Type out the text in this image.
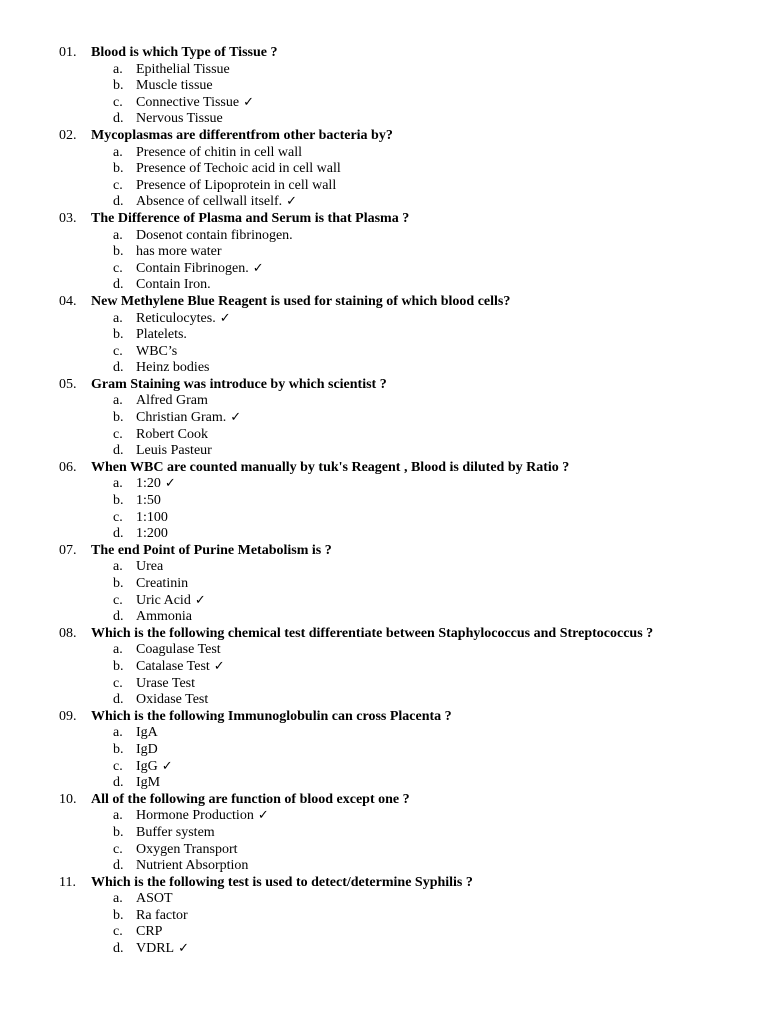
01.	Blood is which Type of Tissue ?
a. Epithelial Tissue
b. Muscle tissue
c. Connective Tissue ✓
d. Nervous Tissue
02.	Mycoplasmas are differentfrom other bacteria by?
a. Presence of chitin in cell wall
b. Presence of Techoic acid in cell wall
c. Presence of Lipoprotein in cell wall
d. Absence of cellwall itself. ✓
03.	The Difference of Plasma and Serum is that Plasma ?
a. Dosenot contain fibrinogen.
b. has more water
c. Contain Fibrinogen. ✓
d. Contain Iron.
04.	New Methylene Blue Reagent is used for staining of which blood cells?
a. Reticulocytes. ✓
b. Platelets.
c. WBC’s
d. Heinz bodies
05.	Gram Staining was introduce by which scientist ?
a. Alfred Gram
b. Christian Gram. ✓
c. Robert Cook
d. Leuis Pasteur
06.	When WBC are counted manually by tuk's Reagent , Blood is diluted by Ratio ?
a. 1:20 ✓
b. 1:50
c. 1:100
d. 1:200
07.	The end Point of Purine Metabolism is ?
a. Urea
b. Creatinin
c. Uric Acid ✓
d. Ammonia
08.	Which is the following chemical test differentiate between Staphylococcus and Streptococcus ?
a. Coagulase Test
b. Catalase Test ✓
c. Urase Test
d. Oxidase Test
09.	Which is the following Immunoglobulin can cross Placenta ?
a. IgA
b. IgD
c. IgG ✓
d. IgM
10.	All of the following are function of blood except one ?
a. Hormone Production ✓
b. Buffer system
c. Oxygen Transport
d. Nutrient Absorption
11.	Which is the following test is used to detect/determine Syphilis ?
a. ASOT
b. Ra factor
c. CRP
d. VDRL ✓
